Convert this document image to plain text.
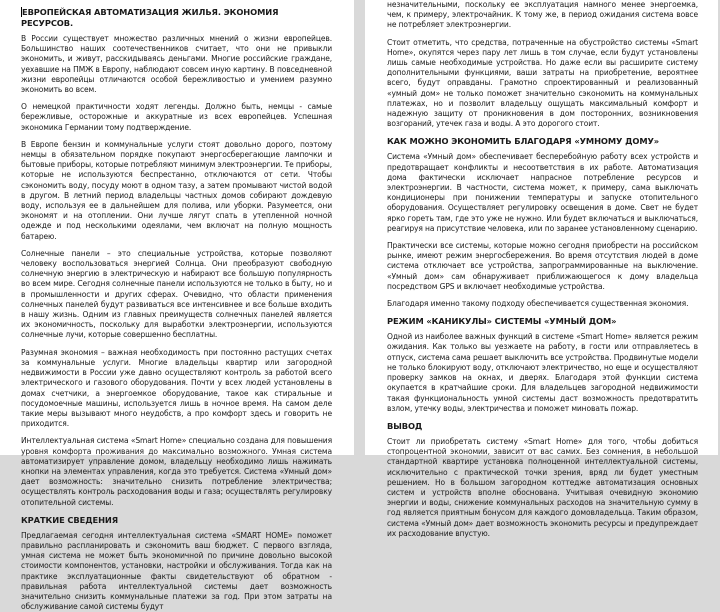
ЕВРОПЕЙСКАЯ АВТОМАТИЗАЦИЯ ЖИЛЬЯ. ЭКОНОМИЯ РЕСУРСОВ.

В России существует множество различных мнений о жизни европейцев. Большинство наших соотечественников считает, что они не привыкли экономить, и живут, расскидываясь деньгами. Многие российские граждане, уехавшие на ПМЖ в Европу, наблюдают совсем иную картину. В повседневной жизни европейцы отличаются особой бережливостью и умением разумно экономить во всем.

О немецкой практичности ходят легенды. Должно быть, немцы - самые бережливые, осторожные и аккуратные из всех европейцев. Успешная экономика Германии тому подтверждение.

В Европе бензин и коммунальные услуги стоят довольно дорого, поэтому немцы в обязательном порядке покупают энергосберегающие лампочки и бытовые приборы, которые потребляют минимум электроэнергии. Те приборы, которые не используются беспрестанно, отключаются от сети. Чтобы сэкономить воду, посуду моют в одном тазу, а затем промывают чистой водой в другом. В летний период владельцы частных домов собирают дождевую воду, используя ее в дальнейшем для полива, или уборки. Разумеется, они экономят и на отоплении. Они лучше лягут спать в утепленной ночной одежде и под несколькими одеялами, чем включат на полную мощность батарею.

Солнечные панели – это специальные устройства, которые позволяют человеку воспользоваться энергией Солнца. Они преобразуют свободную солнечную энергию в электрическую и набирают все большую популярность во всем мире. Сегодня солнечные панели используются не только в быту, но и в промышленности и других сферах. Очевидно, что области применения солнечных панелей будут развиваться все интенсивнее и все больше входить в нашу жизнь. Одним из главных преимуществ солнечных панелей является их экономичность, поскольку для выработки электроэнергии, используются солнечные лучи, которые совершенно бесплатны.

Разумная экономия – важная необходимость при постоянно растущих счетах за коммунальные услуги. Многие владельцы квартир или загородной недвижимости в России уже давно осуществляют контроль за работой всего электрического и газового оборудования. Почти у всех людей установлены в домах счетчики, а энергоемкое оборудование, такое как стиральные и посудомоечные машины, используется лишь в ночное время. На самом деле такие меры вызывают много неудобств, а про комфорт здесь и говорить не приходится.

Интеллектуальная система «Smart Home» специально создана для повышения уровня комфорта проживания до максимально возможного. Умная система автоматизирует управление домом, владельцу необходимо лишь нажимать кнопки на элементах управления, когда это требуется. Система «Умный дом» дает возможность: значительно снизить потребление электричества; осуществлять контроль расходования воды и газа; осуществлять регулировку отопительной системы.

КРАТКИЕ СВЕДЕНИЯ

Предлагаемая сегодня интеллектуальная система «SMART HOME» поможет правильно распланировать и сэкономить ваш бюджет. С первого взгляда, умная система не может быть экономичной по причине довольно высокой стоимости компонентов, установки, настройки и обслуживания. Тогда как на практике эксплуатационные факты свидетельствуют об обратном - правильная работа интеллектуальной системы дает возможность значительно снизить коммунальные платежи за год. При этом затраты на обслуживание самой системы будут

незначительными, поскольку ее эксплуатация намного менее энергоемка, чем, к примеру, электрочайник. К тому же, в период ожидания система вовсе не потребляет электроэнергии.

Стоит отметить, что средства, потраченные на обустройство системы «Smart Home», окупятся через пару лет лишь в том случае, если будут установлены лишь самые необходимые устройства. Но даже если вы расширите систему дополнительными функциями, ваши затраты на приобретение, вероятнее всего, будут оправданы. Грамотно спроектированный и реализованный «умный дом» не только поможет значительно сэкономить на коммунальных платежах, но и позволит владельцу ощущать максимальный комфорт и надежную защиту от проникновения в дом посторонних, возникновения возгораний, утечек газа и воды. А это дорогого стоит.

КАК МОЖНО ЭКОНОМИТЬ БЛАГОДАРЯ «УМНОМУ ДОМУ»

Система «Умный дом» обеспечивает бесперебойную работу всех устройств и предотвращает конфликты и несоответствия в их работе. Автоматизация дома фактически исключает напрасное потребление ресурсов и электроэнергии. В частности, система может, к примеру, сама выключать кондиционеры при понижении температуры и запуске отопительного оборудования. Осуществляет регулировку освещения в доме. Свет не будет ярко гореть там, где это уже не нужно. Или будет включаться и выключаться, реагируя на присутствие человека, или по заранее установленному сценарию.

Практически все системы, которые можно сегодня приобрести на российском рынке, имеют режим энергосбережения. Во время отсутствия людей в доме система отключает все устройства, запрограммированные на выключение. «Умный дом» сам обнаруживает приближающегося к дому владельца посредством GPS и включает необходимые устройства.

Благодаря именно такому подходу обеспечивается существенная экономия.

РЕЖИМ «КАНИКУЛЫ» СИСТЕМЫ «УМНЫЙ ДОМ»

Одной из наиболее важных функций в системе «Smart Home» является режим ожидания. Как только вы уезжаете на работу, в гости или отправляетесь в отпуск, система сама решает выключить все устройства. Продвинутые модели не только блокируют воду, отключают электричество, но еще и осуществляют проверку замков на окнах, и дверях. Благодаря этой функции система окупается в кратчайшие сроки. Для владельцев загородной недвижимости такая функциональность умной системы даст возможность предотвратить взлом, утечку воды, электричества и поможет миновать пожар.

ВЫВОД

Стоит ли приобретать систему «Smart Home» для того, чтобы добиться стопроцентной экономии, зависит от вас самих. Без сомнения, в небольшой стандартной квартире установка полноценной интеллектуальной системы, исключительно с практической точки зрения, вряд ли будет уместным решением. Но в большом загородном коттедже автоматизация основных систем и устройств вполне обоснована. Учитывая очевидную экономию энергии и воды, снижение коммунальных расходов на значительную сумму в год является приятным бонусом для каждого домовладельца. Таким образом, система «Умный дом» дает возможность экономить ресурсы и предупреждает их расходование впустую.
